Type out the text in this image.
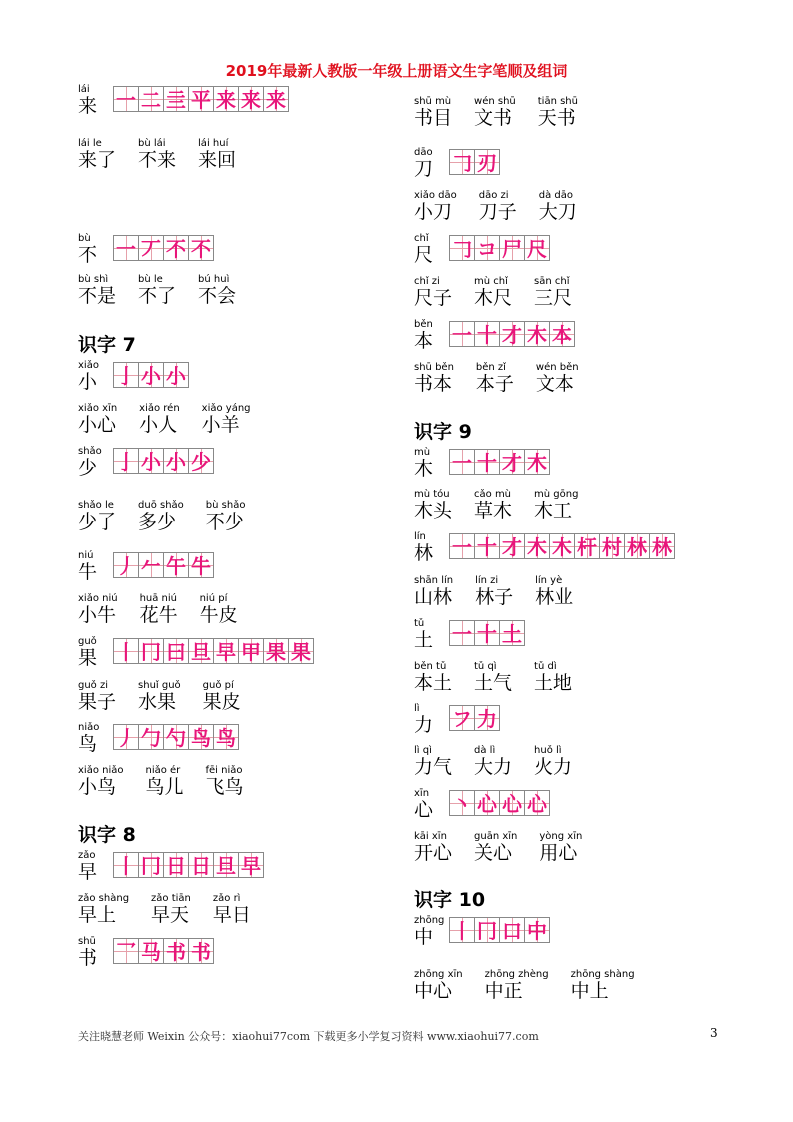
2019年最新人教版一年级上册语文生字笔顺及组词
lái
来 一 二 亖 平 来 来 来
lái le
来了
bù lái
不来
lái huí
来回
bù
不 一 丆 不 不
bù shì
不是
bù le
不了
bú huì
不会
识字 7
xiǎo
小 亅 小 小
xiǎo xīn
小心
xiǎo rén
小人
xiǎo yáng
小羊
shǎo
少 亅 小 小 少
shǎo le
少了
duō shǎo
多少
bù shǎo
不少
niú
牛 丿 𠂉 午 牛
xiǎo niú
小牛
huā niú
花牛
niú pí
牛皮
guǒ
果 丨 冂 曰 旦 早 甲 果 果
guǒ zi
果子
shuǐ guǒ
水果
guǒ pí
果皮
niǎo
鸟 丿 勹 勺 鸟 鸟
xiǎo niǎo
小鸟
niǎo ér
鸟儿
fēi niǎo
飞鸟
识字 8
zǎo
早 丨 冂 日 日 旦 早
zǎo shàng
早上
zǎo tiān
早天
zǎo rì
早日
shū
书 乛 马 书 书
shū mù
书目
wén shū
文书
tiān shū
天书
dāo
刀 𠃌 刃
xiǎo dāo
小刀
dāo zi
刀子
dà dāo
大刀
chǐ
尺 𠃌 コ 尸 尺
chǐ zi
尺子
mù chǐ
木尺
sān chǐ
三尺
běn
本 一 十 才 木 本
shū běn
书本
běn zǐ
本子
wén běn
文本
识字 9
mù
木 一 十 才 木
mù tóu
木头
cǎo mù
草木
mù gōng
木工
lín
林 一 十 才 木 木 杆 村 林 林
shān lín
山林
lín zi
林子
lín yè
林业
tǔ
土 一 十 土
běn tǔ
本土
tǔ qì
土气
tǔ dì
土地
lì
力 フ 力
lì qì
力气
dà lì
大力
huǒ lì
火力
xīn
心 丶 心 心 心
kāi xīn
开心
guān xīn
关心
yòng xīn
用心
识字 10
zhōng
中 丨 冂 口 中
zhōng xīn
中心
zhōng zhèng
中正
zhōng shàng
中上
关注晓慧老师 Weixin 公众号：xiaohui77com 下载更多小学复习资料 www.xiaohui77.com	3
